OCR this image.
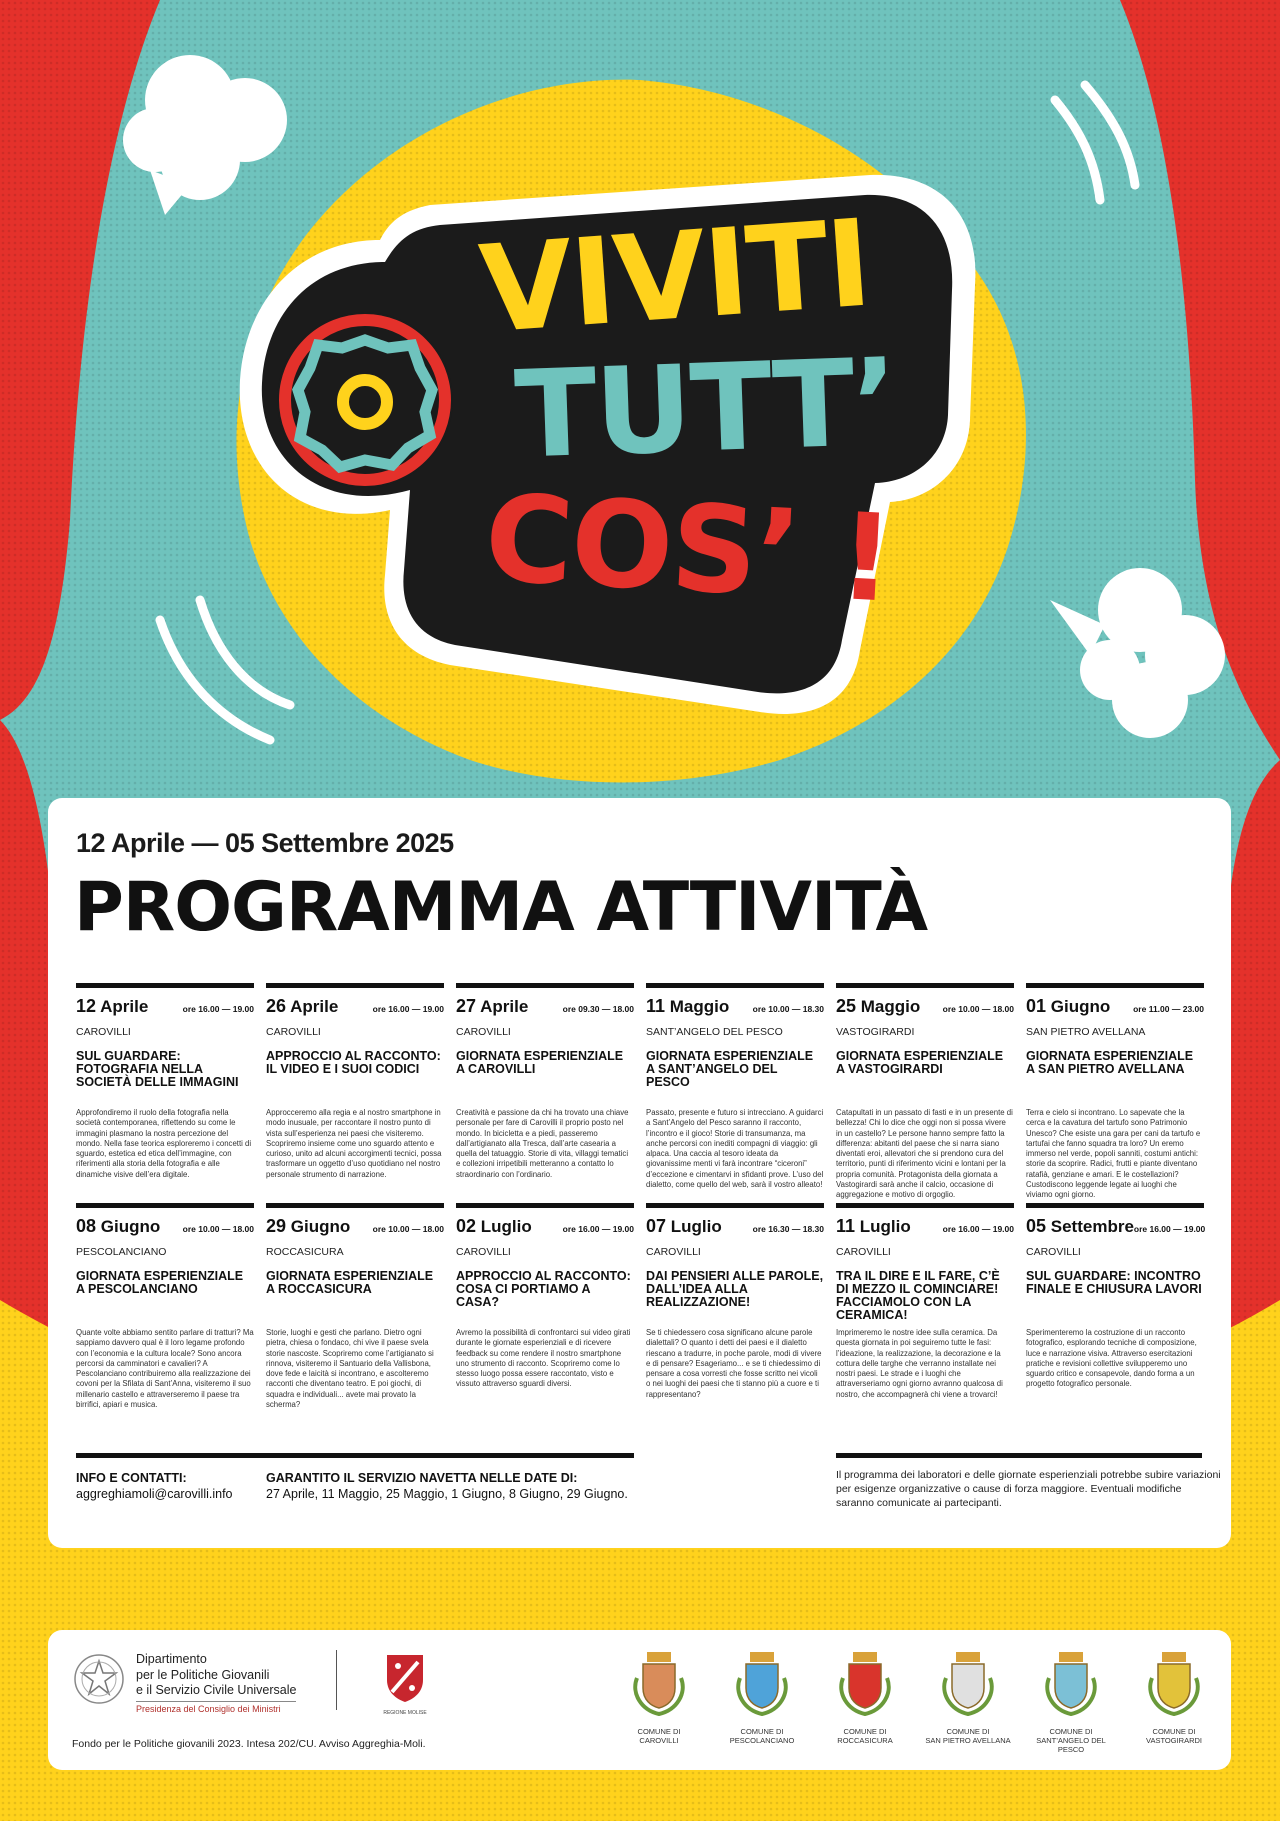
VIVITI
TUTT’
COS’ !
12 Aprile — 05 Settembre 2025
PROGRAMMA ATTIVITÀ
12 Aprile	ore 16.00 — 19.00
CAROVILLI
SUL GUARDARE: FOTOGRAFIA NELLA SOCIETÀ DELLE IMMAGINI
Approfondiremo il ruolo della fotografia nella società contemporanea, riflettendo su come le immagini plasmano la nostra percezione del mondo. Nella fase teorica esploreremo i concetti di sguardo, estetica ed etica dell’immagine, con riferimenti alla storia della fotografia e alle dinamiche visive dell’era digitale.
26 Aprile	ore 16.00 — 19.00
CAROVILLI
APPROCCIO AL RACCONTO: IL VIDEO E I SUOI CODICI
Approcceremo alla regia e al nostro smartphone in modo inusuale, per raccontare il nostro punto di vista sull’esperienza nei paesi che visiteremo. Scopriremo insieme come uno sguardo attento e curioso, unito ad alcuni accorgimenti tecnici, possa trasformare un oggetto d’uso quotidiano nel nostro personale strumento di narrazione.
27 Aprile	ore 09.30 — 18.00
CAROVILLI
GIORNATA ESPERIENZIALE A CAROVILLI
Creatività e passione da chi ha trovato una chiave personale per fare di Carovilli il proprio posto nel mondo. In bicicletta e a piedi, passeremo dall’artigianato alla Tresca, dall’arte casearia a quella del tatuaggio. Storie di vita, villaggi tematici e collezioni irripetibili metteranno a contatto lo straordinario con l’ordinario.
11 Maggio	ore 10.00 — 18.30
SANT’ANGELO DEL PESCO
GIORNATA ESPERIENZIALE A SANT’ANGELO DEL PESCO
Passato, presente e futuro si intrecciano. A guidarci a Sant’Angelo del Pesco saranno il racconto, l’incontro e il gioco! Storie di transumanza, ma anche percorsi con inediti compagni di viaggio: gli alpaca. Una caccia al tesoro ideata da giovanissime menti vi farà incontrare “ciceroni” d’eccezione e cimentarvi in sfidanti prove. L’uso del dialetto, come quello del web, sarà il vostro alleato!
25 Maggio	ore 10.00 — 18.00
VASTOGIRARDI
GIORNATA ESPERIENZIALE A VASTOGIRARDI
Catapultati in un passato di fasti e in un presente di bellezza! Chi lo dice che oggi non si possa vivere in un castello? Le persone hanno sempre fatto la differenza: abitanti del paese che si narra siano diventati eroi, allevatori che si prendono cura del territorio, punti di riferimento vicini e lontani per la propria comunità. Protagonista della giornata a Vastogirardi sarà anche il calcio, occasione di aggregazione e motivo di orgoglio.
01 Giugno	ore 11.00 — 23.00
SAN PIETRO AVELLANA
GIORNATA ESPERIENZIALE A SAN PIETRO AVELLANA
Terra e cielo si incontrano. Lo sapevate che la cerca e la cavatura del tartufo sono Patrimonio Unesco? Che esiste una gara per cani da tartufo e tartufai che fanno squadra tra loro? Un eremo immerso nel verde, popoli sanniti, costumi antichi: storie da scoprire. Radici, frutti e piante diventano ratafià, genziane e amari. E le costellazioni? Custodiscono leggende legate ai luoghi che viviamo ogni giorno.
08 Giugno	ore 10.00 — 18.00
PESCOLANCIANO
GIORNATA ESPERIENZIALE A PESCOLANCIANO
Quante volte abbiamo sentito parlare di tratturi? Ma sappiamo davvero qual è il loro legame profondo con l’economia e la cultura locale? Sono ancora percorsi da camminatori e cavalieri? A Pescolanciano contribuiremo alla realizzazione dei covoni per la Sfilata di Sant’Anna, visiteremo il suo millenario castello e attraverseremo il paese tra birrifici, apiari e musica.
29 Giugno	ore 10.00 — 18.00
ROCCASICURA
GIORNATA ESPERIENZIALE A ROCCASICURA
Storie, luoghi e gesti che parlano. Dietro ogni pietra, chiesa o fondaco, chi vive il paese svela storie nascoste. Scopriremo come l’artigianato si rinnova, visiteremo il Santuario della Vallisbona, dove fede e laicità si incontrano, e ascolteremo racconti che diventano teatro. E poi giochi, di squadra e individuali... avete mai provato la scherma?
02 Luglio	ore 16.00 — 19.00
CAROVILLI
APPROCCIO AL RACCONTO: COSA CI PORTIAMO A CASA?
Avremo la possibilità di confrontarci sui video girati durante le giornate esperienziali e di ricevere feedback su come rendere il nostro smartphone uno strumento di racconto. Scopriremo come lo stesso luogo possa essere raccontato, visto e vissuto attraverso sguardi diversi.
07 Luglio	ore 16.30 — 18.30
CAROVILLI
DAI PENSIERI ALLE PAROLE, DALL’IDEA ALLA REALIZZAZIONE!
Se ti chiedessero cosa significano alcune parole dialettali? O quanto i detti dei paesi e il dialetto riescano a tradurre, in poche parole, modi di vivere e di pensare? Esageriamo... e se ti chiedessimo di pensare a cosa vorresti che fosse scritto nei vicoli o nei luoghi dei paesi che ti stanno più a cuore e ti rappresentano?
11 Luglio	ore 16.00 — 19.00
CAROVILLI
TRA IL DIRE E IL FARE, C’È DI MEZZO IL COMINCIARE! FACCIAMOLO CON LA CERAMICA!
Imprimeremo le nostre idee sulla ceramica. Da questa giornata in poi seguiremo tutte le fasi: l’ideazione, la realizzazione, la decorazione e la cottura delle targhe che verranno installate nei nostri paesi. Le strade e i luoghi che attraverseriamo ogni giorno avranno qualcosa di nostro, che accompagnerà chi viene a trovarci!
05 Settembre ore 16.00 — 19.00
CAROVILLI
SUL GUARDARE: INCONTRO FINALE E CHIUSURA LAVORI
Sperimenteremo la costruzione di un racconto fotografico, esplorando tecniche di composizione, luce e narrazione visiva. Attraverso esercitazioni pratiche e revisioni collettive svilupperemo uno sguardo critico e consapevole, dando forma a un progetto fotografico personale.
INFO E CONTATTI:
aggreghiamoli@carovilli.info
GARANTITO IL SERVIZIO NAVETTA NELLE DATE DI:
27 Aprile, 11 Maggio, 25 Maggio, 1 Giugno, 8 Giugno, 29 Giugno.
Il programma dei laboratori e delle giornate esperienziali potrebbe subire variazioni per esigenze organizzative o cause di forza maggiore. Eventuali modifiche saranno comunicate ai partecipanti.
Dipartimento
per le Politiche Giovanili
e il Servizio Civile Universale
Presidenza del Consiglio dei Ministri	REGIONE MOLISE
Fondo per le Politiche giovanili 2023. Intesa 202/CU. Avviso Aggreghia-Moli.
COMUNE DI
CAROVILLI
COMUNE DI
PESCOLANCIANO
COMUNE DI
ROCCASICURA
COMUNE DI
SAN PIETRO AVELLANA
COMUNE DI
SANT’ANGELO DEL PESCO
COMUNE DI
VASTOGIRARDI
